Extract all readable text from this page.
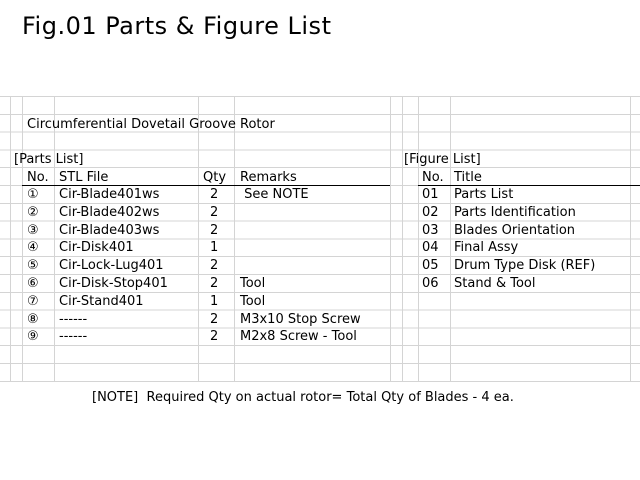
Fig.01 Parts & Figure List
Circumferential Dovetail Groove Rotor
[Parts List]	[Figure List]
No. STL File	Qty Remarks	No. Title
① Cir-Blade401ws	2 See NOTE
② Cir-Blade402ws	2
③ Cir-Blade403ws	2
④ Cir-Disk401	1
⑤ Cir-Lock-Lug401	2
⑥ Cir-Disk-Stop401	2 Tool
⑦ Cir-Stand401	1 Tool
⑧ ------	2 M3x10 Stop Screw
⑨ ------	2 M2x8 Screw - Tool
01 Parts List
02 Parts Identification
03 Blades Orientation
04 Final Assy
05 Drum Type Disk (REF)
06 Stand & Tool
[NOTE]  Required Qty on actual rotor= Total Qty of Blades - 4 ea.
